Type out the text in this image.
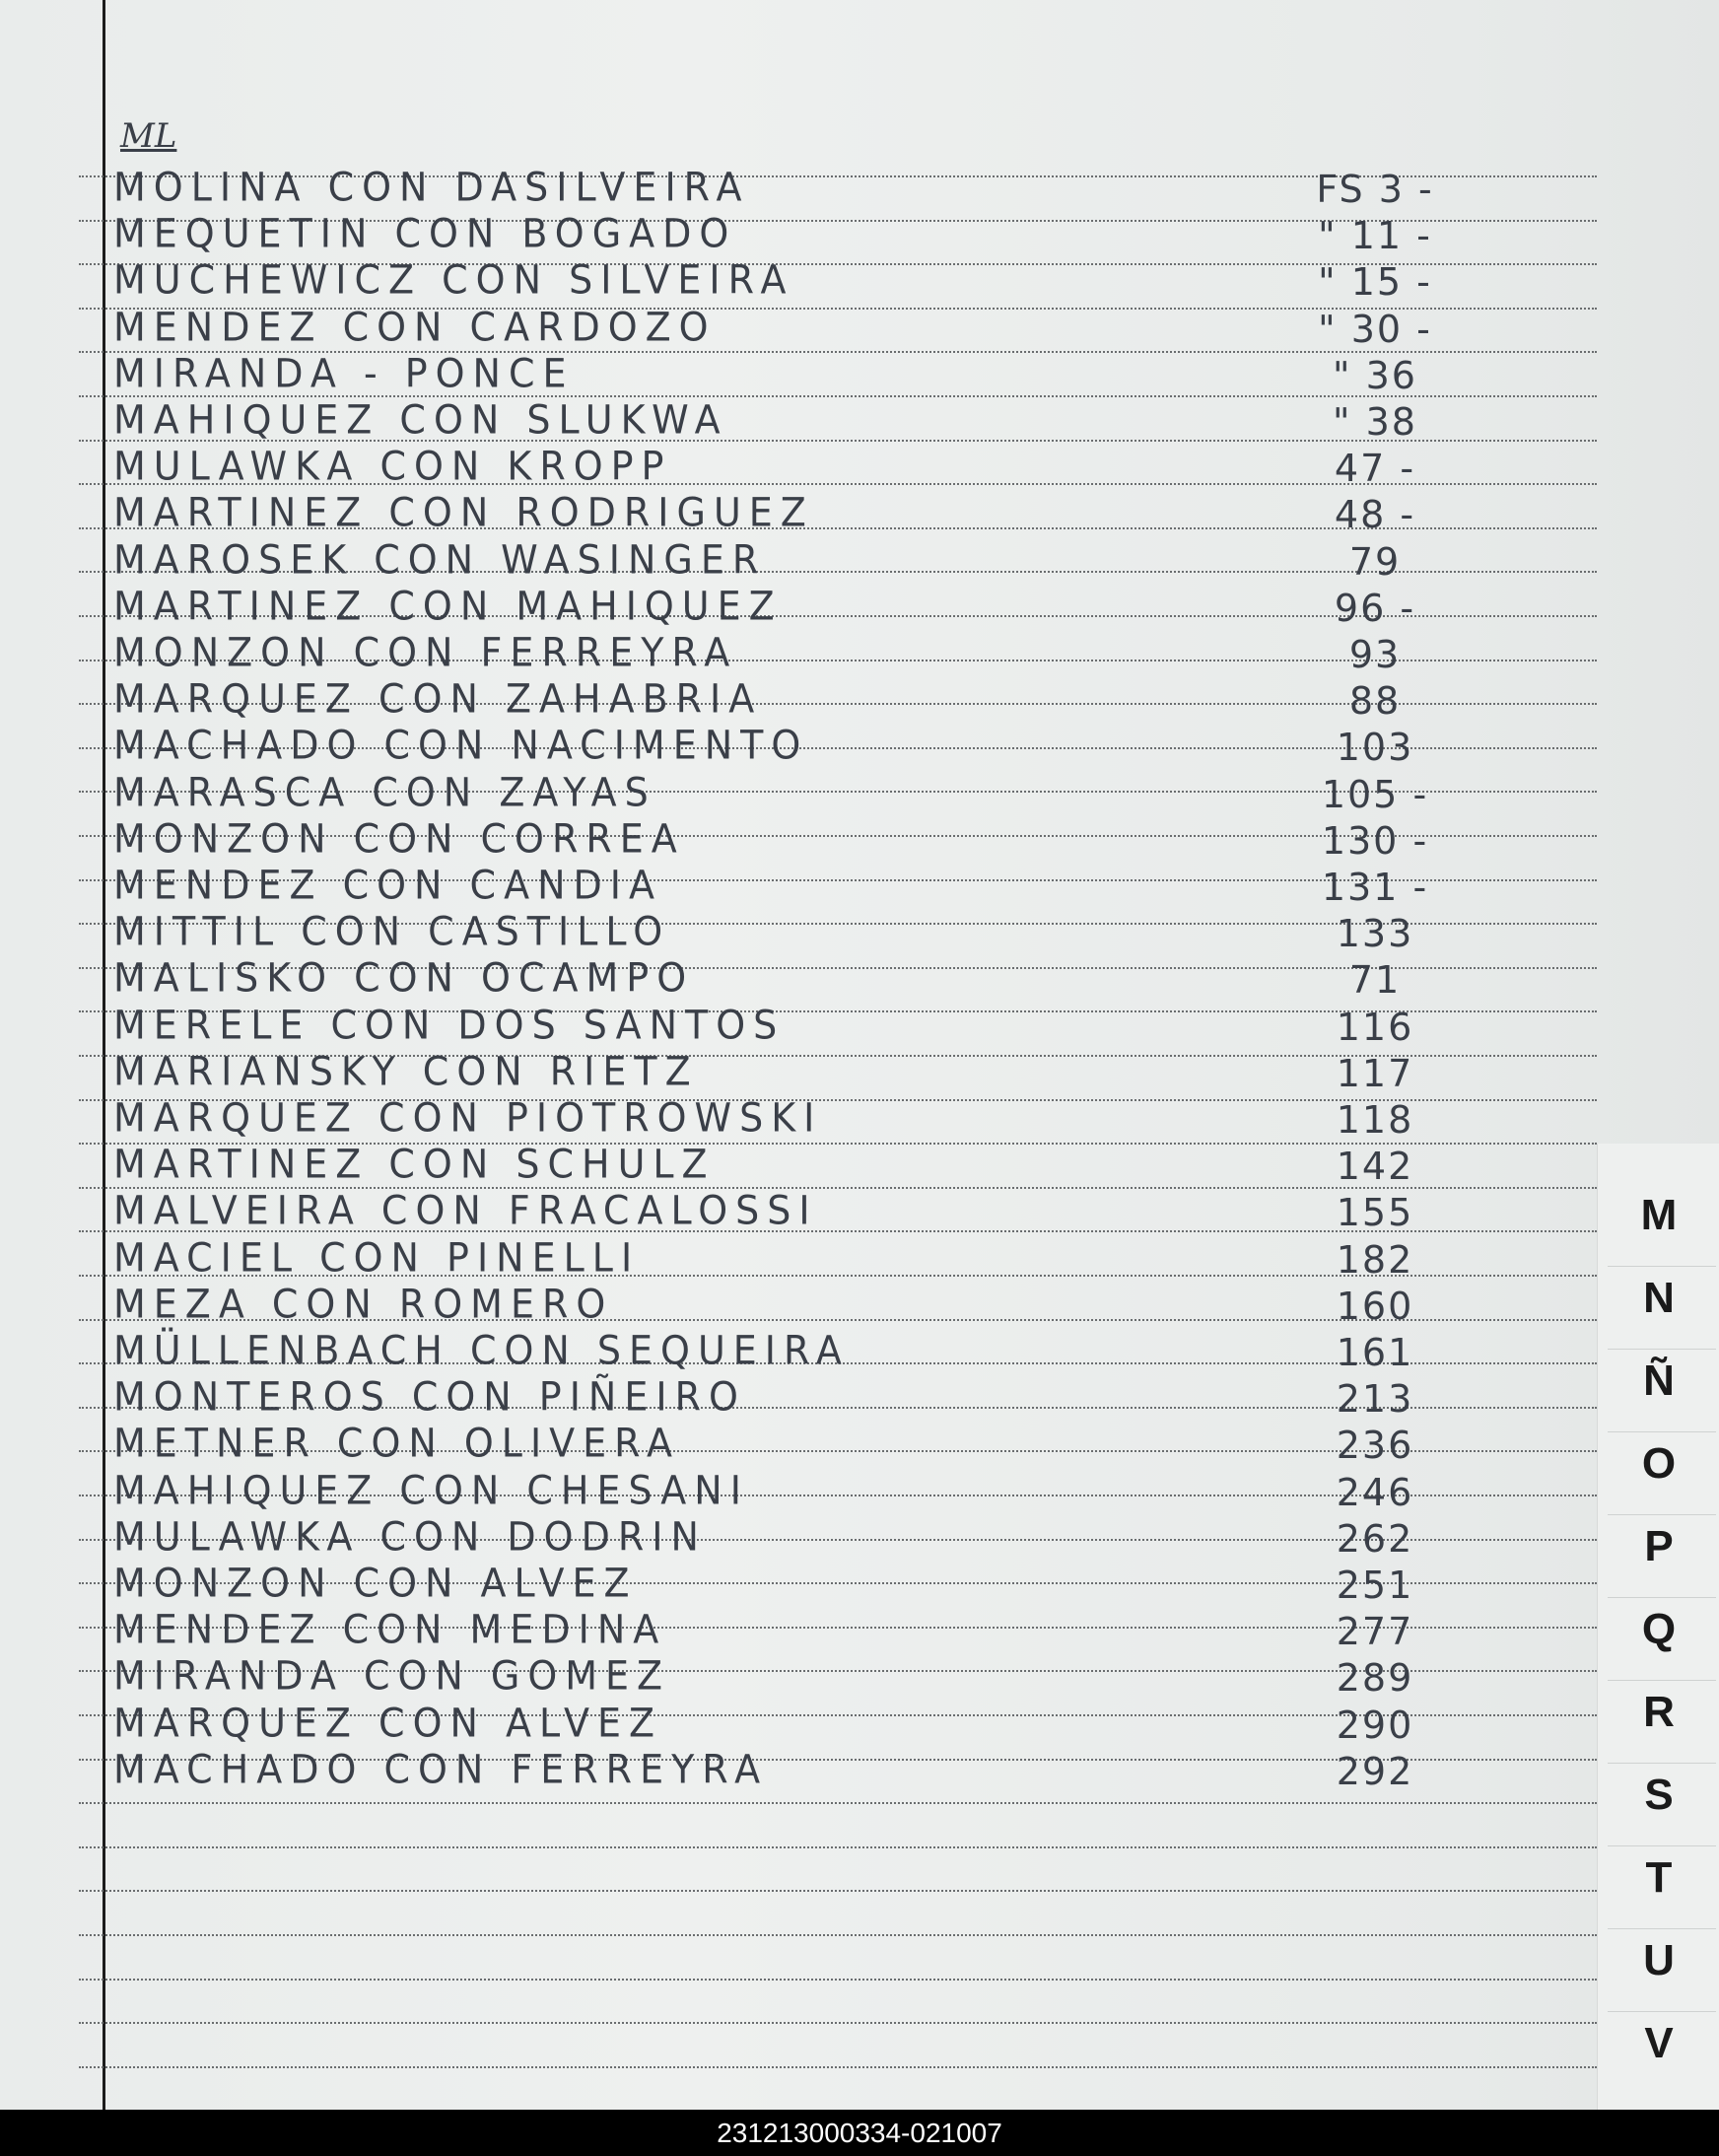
ML
MOLINA CON DASILVEIRA	FS 3 -
MEQUETIN CON BOGADO	" 11 -
MUCHEWICZ CON SILVEIRA	" 15 -
MENDEZ CON CARDOZO	" 30 -
MIRANDA - PONCE	" 36
MAHIQUEZ CON SLUKWA	" 38
MULAWKA CON KROPP	47 -
MARTINEZ CON RODRIGUEZ	48 -
MAROSEK CON WASINGER	79
MARTINEZ CON MAHIQUEZ	96 -
MONZON CON FERREYRA	93
MARQUEZ CON ZAHABRIA	88
MACHADO CON NACIMENTO	103
MARASCA CON ZAYAS	105 -
MONZON CON CORREA	130 -
MENDEZ CON CANDIA	131 -
MITTIL CON CASTILLO	133
MALISKO CON OCAMPO	71
MERELE CON DOS SANTOS	116
MARIANSKY CON RIETZ	117
MARQUEZ CON PIOTROWSKI	118
MARTINEZ CON SCHULZ	142
MALVEIRA CON FRACALOSSI	155
MACIEL CON PINELLI	182
MEZA CON ROMERO	160
MÜLLENBACH CON SEQUEIRA	161
MONTEROS CON PIÑEIRO	213
METNER CON OLIVERA	236
MAHIQUEZ CON CHESANI	246
MULAWKA CON DODRIN	262
MONZON CON ALVEZ	251
MENDEZ CON MEDINA	277
MIRANDA CON GOMEZ	289
MARQUEZ CON ALVEZ	290
MACHADO CON FERREYRA	292
M
N
Ñ
O
P
Q
R
S
T
U
V
231213000334-021007
